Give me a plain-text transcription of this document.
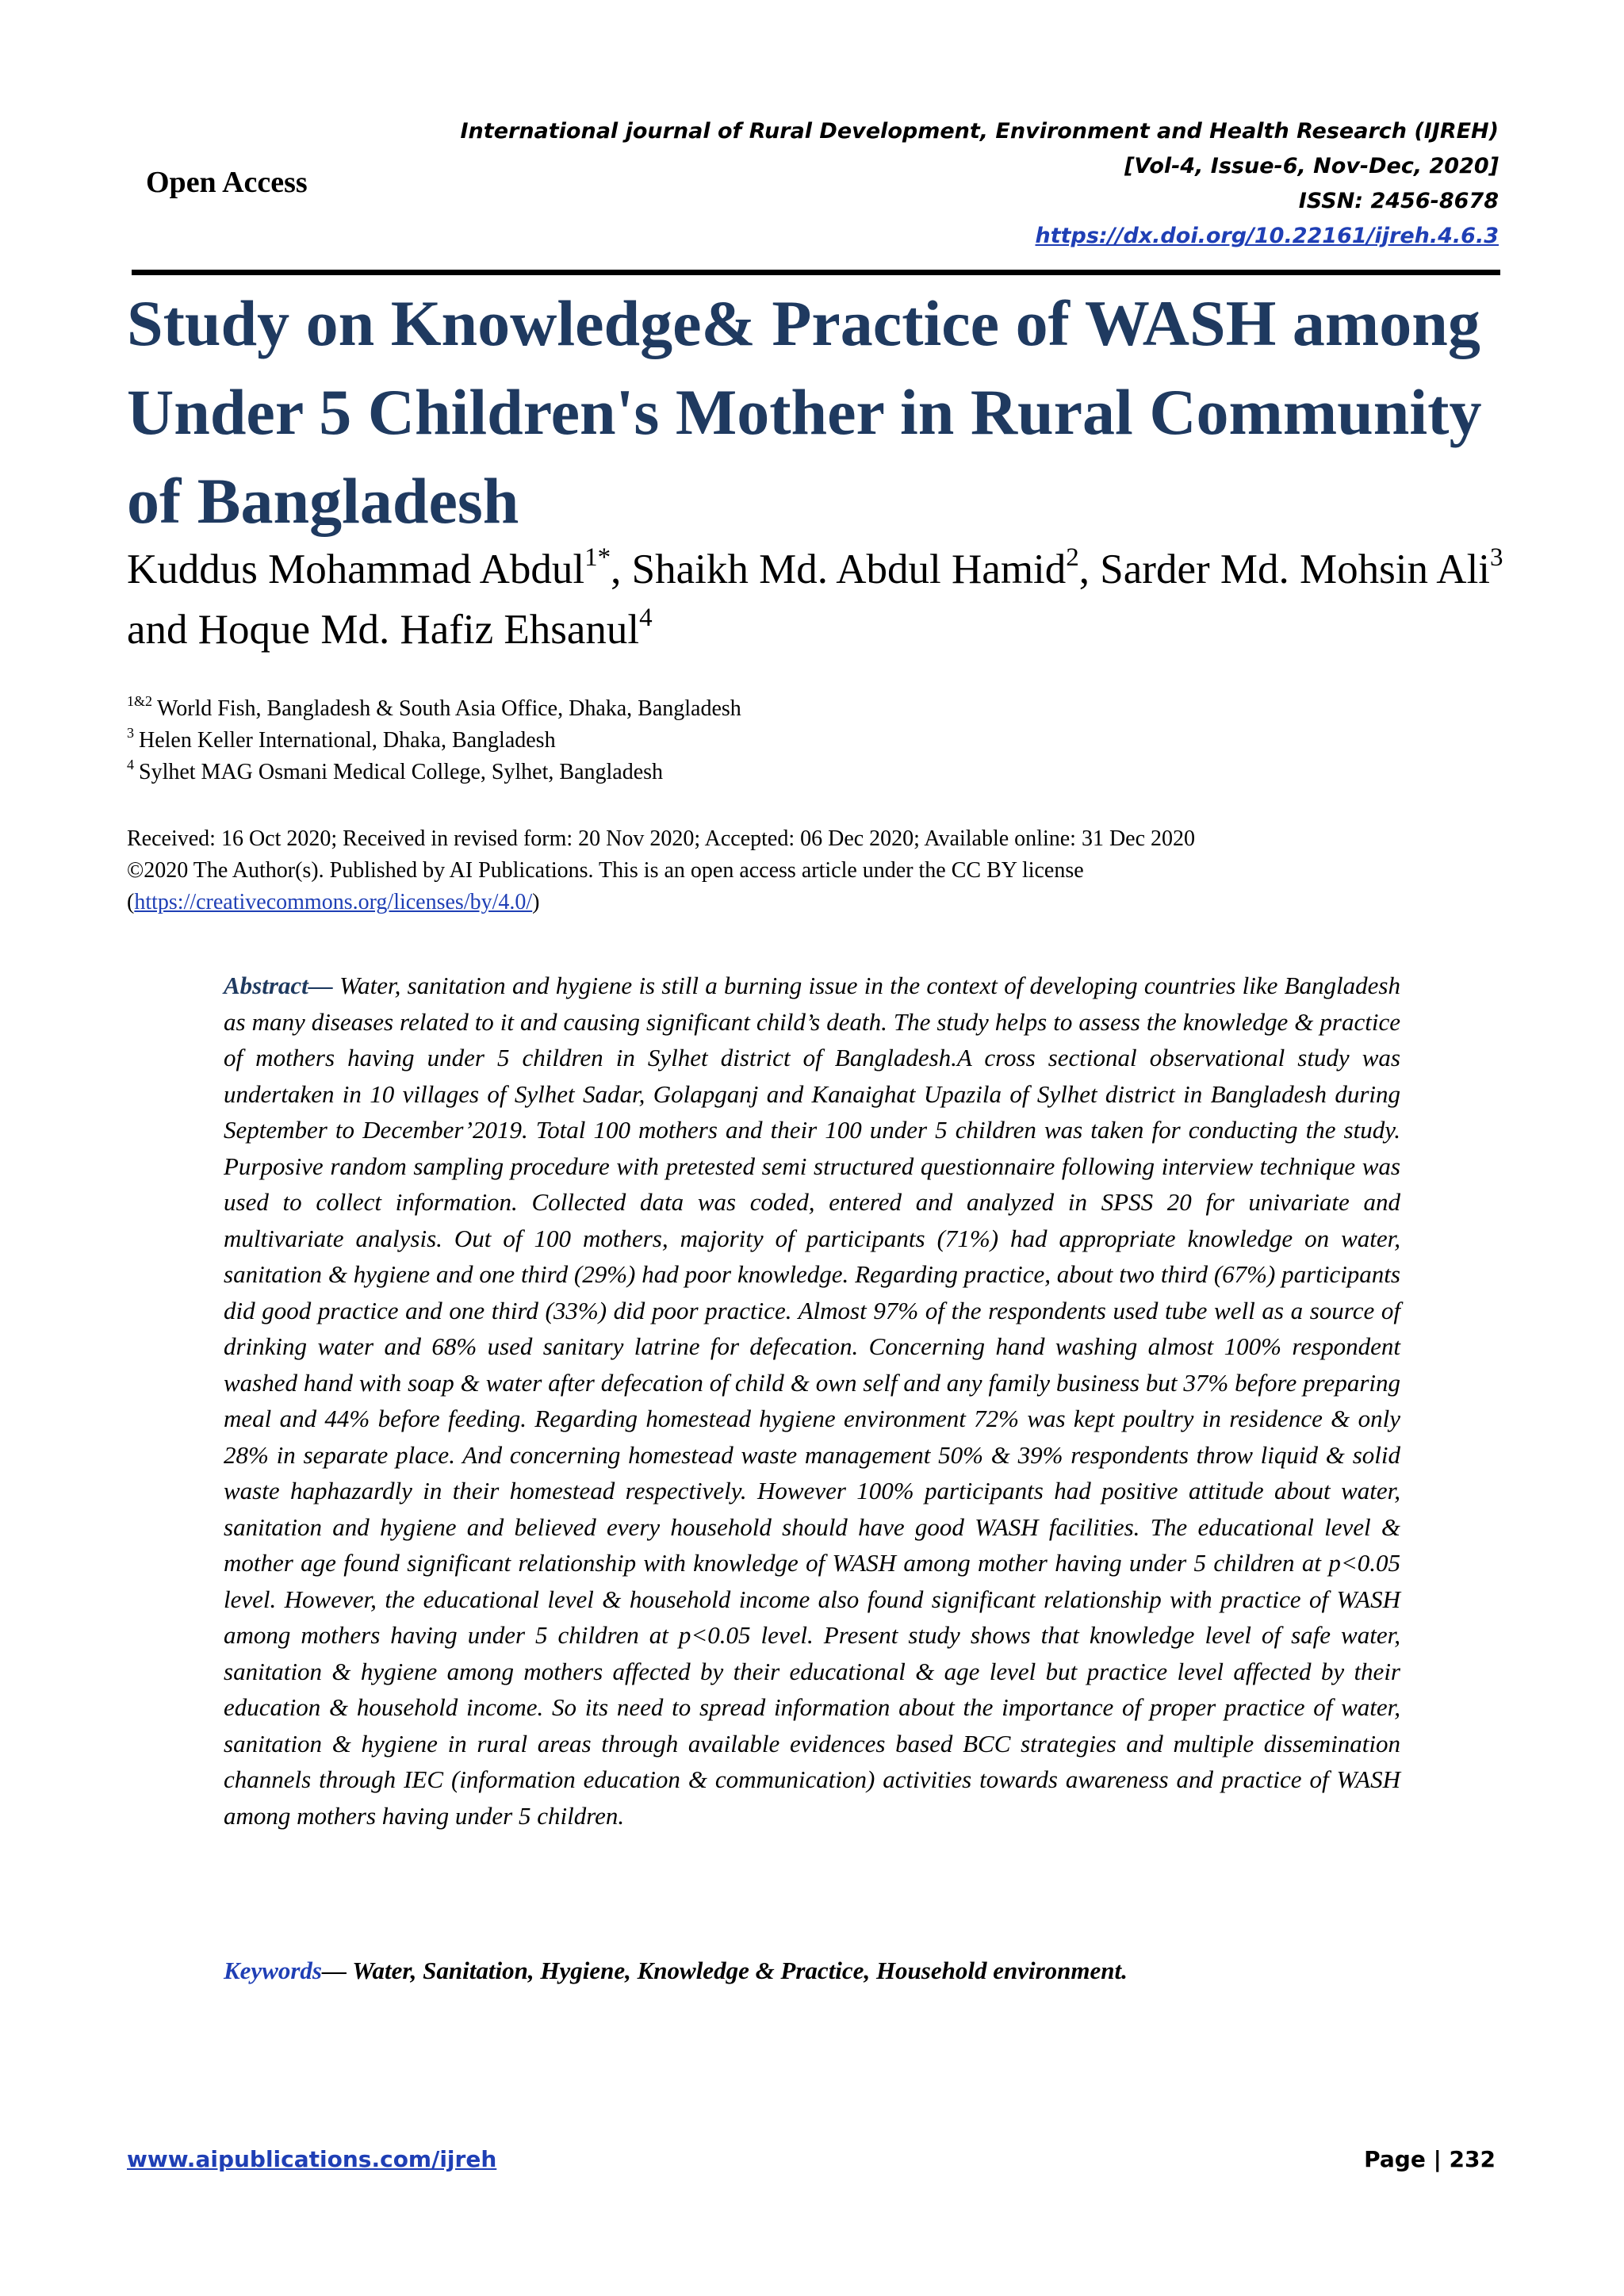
Open Access
International journal of Rural Development, Environment and Health Research (IJREH)
[Vol-4, Issue-6, Nov-Dec, 2020]
ISSN: 2456-8678
https://dx.doi.org/10.22161/ijreh.4.6.3
Study on Knowledge& Practice of WASH among Under 5 Children's Mother in Rural Community of Bangladesh
Kuddus Mohammad Abdul$^{1*}$, Shaikh Md. Abdul Hamid$^2$, Sarder Md. Mohsin Ali$^3$ and Hoque Md. Hafiz Ehsanul$^4$
$^{1\&2}$ World Fish, Bangladesh & South Asia Office, Dhaka, Bangladesh
$^3$ Helen Keller International, Dhaka, Bangladesh
$^4$ Sylhet MAG Osmani Medical College, Sylhet, Bangladesh
Received: 16 Oct 2020; Received in revised form: 20 Nov 2020; Accepted: 06 Dec 2020; Available online: 31 Dec 2020
©2020 The Author(s). Published by AI Publications. This is an open access article under the CC BY license
(https://creativecommons.org/licenses/by/4.0/)
Abstract— Water, sanitation and hygiene is still a burning issue in the context of developing countries like Bangladesh as many diseases related to it and causing significant child’s death. The study helps to assess the knowledge & practice of mothers having under 5 children in Sylhet district of Bangladesh.A cross sectional observational study was undertaken in 10 villages of Sylhet Sadar, Golapganj and Kanaighat Upazila of Sylhet district in Bangladesh during September to December’2019. Total 100 mothers and their 100 under 5 children was taken for conducting the study. Purposive random sampling procedure with pretested semi structured questionnaire following interview technique was used to collect information. Collected data was coded, entered and analyzed in SPSS 20 for univariate and multivariate analysis. Out of 100 mothers, majority of participants (71%) had appropriate knowledge on water, sanitation & hygiene and one third (29%) had poor knowledge. Regarding practice, about two third (67%) participants did good practice and one third (33%) did poor practice. Almost 97% of the respondents used tube well as a source of drinking water and 68% used sanitary latrine for defecation. Concerning hand washing almost 100% respondent washed hand with soap & water after defecation of child & own self and any family business but 37% before preparing meal and 44% before feeding. Regarding homestead hygiene environment 72% was kept poultry in residence & only 28% in separate place. And concerning homestead waste management 50% & 39% respondents throw liquid & solid waste haphazardly in their homestead respectively. However 100% participants had positive attitude about water, sanitation and hygiene and believed every household should have good WASH facilities. The educational level & mother age found significant relationship with knowledge of WASH among mother having under 5 children at p<0.05 level. However, the educational level & household income also found significant relationship with practice of WASH among mothers having under 5 children at p<0.05 level. Present study shows that knowledge level of safe water, sanitation & hygiene among mothers affected by their educational & age level but practice level affected by their education & household income. So its need to spread information about the importance of proper practice of water, sanitation & hygiene in rural areas through available evidences based BCC strategies and multiple dissemination channels through IEC (information education & communication) activities towards awareness and practice of WASH among mothers having under 5 children.
Keywords— Water, Sanitation, Hygiene, Knowledge & Practice, Household environment.
www.aipublications.com/ijreh	Page | 232
